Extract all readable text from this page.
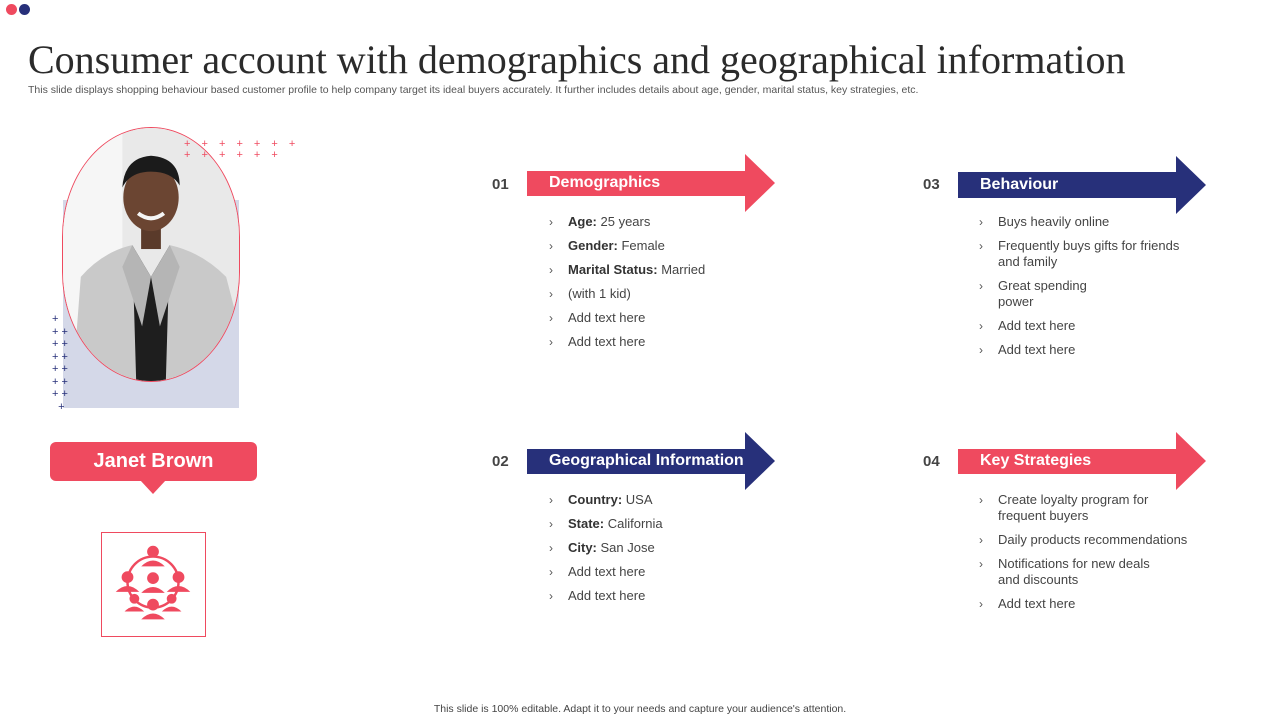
Consumer account with demographics and geographical information
This slide displays shopping behaviour based customer profile to help company target its ideal buyers accurately. It further includes details about age, gender, marital status, key strategies, etc.
+ + + + + + +
+ + + + + +
+
+ +
+ +
+ +
+ +
+ +
+ +
+
Janet Brown
01	Demographics
› Age: 25 years
› Gender: Female
› Marital Status: Married
› (with 1 kid)
› Add text here
› Add text here
02	Geographical Information
› Country: USA
› State: California
› City: San Jose
› Add text here
› Add text here
03	Behaviour
› Buys heavily online
› Frequently buys gifts for friends and family
› Great spending power
› Add text here
› Add text here
04	Key Strategies
› Create loyalty program for frequent buyers
› Daily products recommendations
› Notifications for new deals and discounts
› Add text here
This slide is 100% editable. Adapt it to your needs and capture your audience's attention.
